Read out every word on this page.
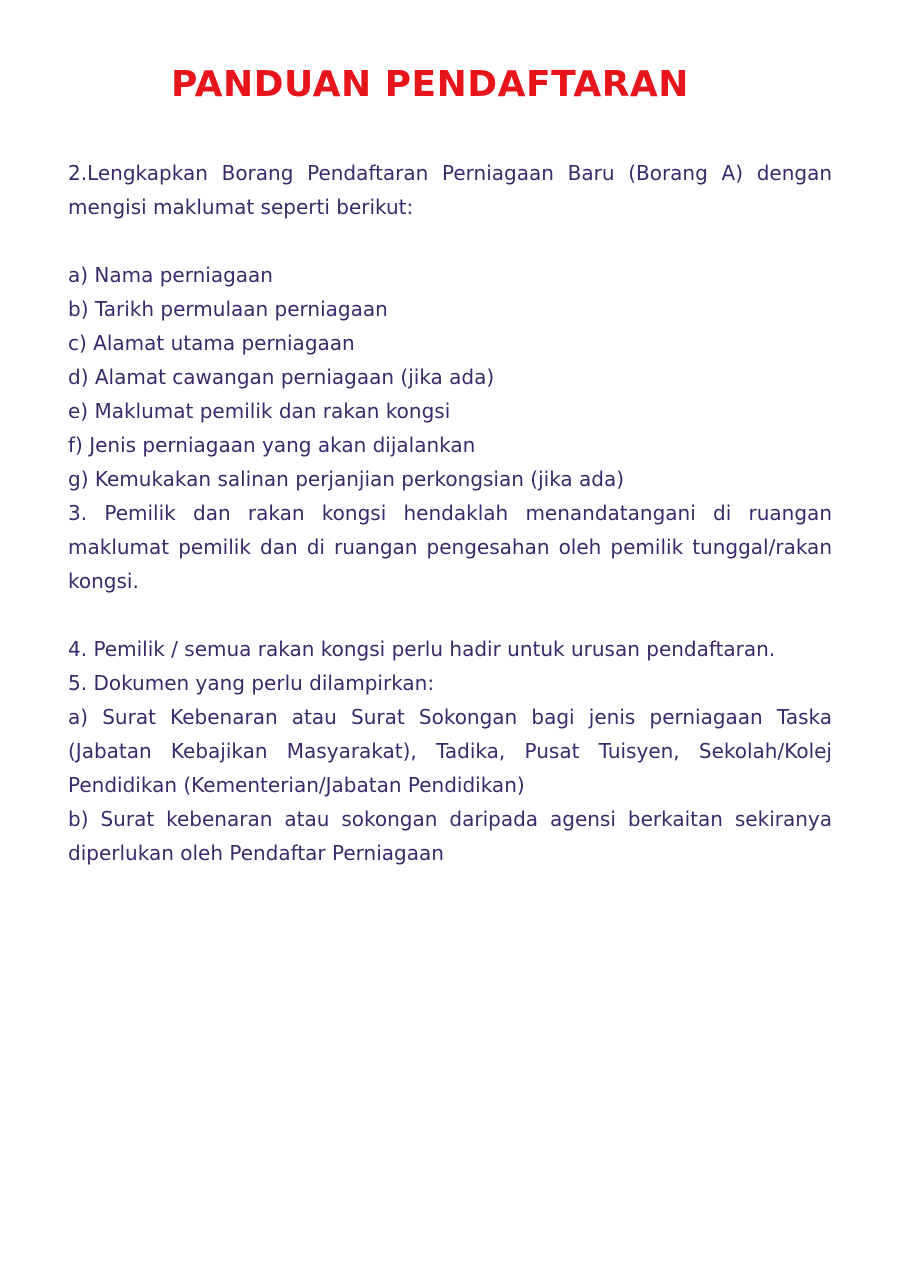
PANDUAN PENDAFTARAN

2.Lengkapkan Borang Pendaftaran Perniagaan Baru (Borang A) dengan mengisi maklumat seperti berikut:

a) Nama perniagaan

b) Tarikh permulaan perniagaan

c) Alamat utama perniagaan

d) Alamat cawangan perniagaan (jika ada)

e) Maklumat pemilik dan rakan kongsi

f) Jenis perniagaan yang akan dijalankan

g) Kemukakan salinan perjanjian perkongsian (jika ada)

3. Pemilik dan rakan kongsi hendaklah menandatangani di ruangan maklumat pemilik dan di ruangan pengesahan oleh pemilik tunggal/rakan kongsi.

4. Pemilik / semua rakan kongsi perlu hadir untuk urusan pendaftaran.

5. Dokumen yang perlu dilampirkan:

a) Surat Kebenaran atau Surat Sokongan bagi jenis perniagaan Taska (Jabatan Kebajikan Masyarakat), Tadika, Pusat Tuisyen, Sekolah/Kolej Pendidikan (Kementerian/Jabatan Pendidikan)

b) Surat kebenaran atau sokongan daripada agensi berkaitan sekiranya diperlukan oleh Pendaftar Perniagaan
